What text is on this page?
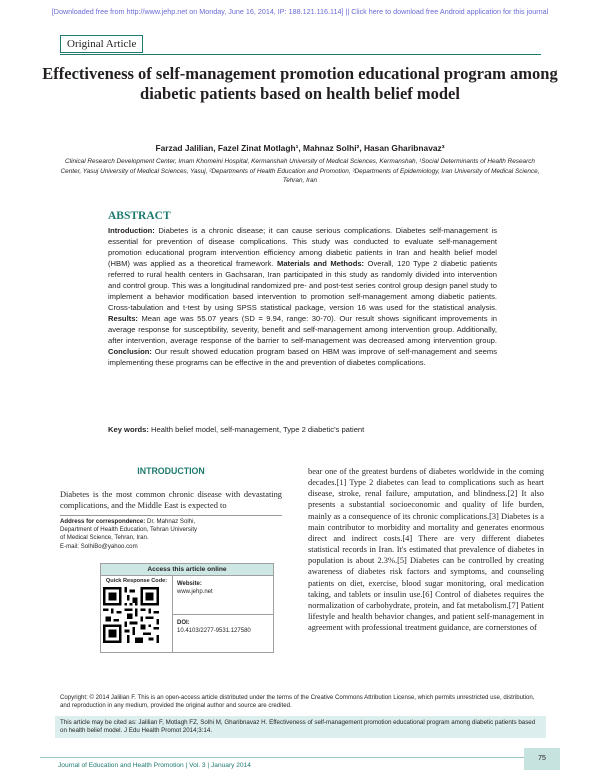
[Downloaded free from http://www.jehp.net on Monday, June 16, 2014, IP: 188.121.116.114] || Click here to download free Android application for this journal
Original Article
Effectiveness of self-management promotion educational program among diabetic patients based on health belief model
Farzad Jalilian, Fazel Zinat Motlagh¹, Mahnaz Solhi², Hasan Gharibnavaz³
Clinical Research Development Center, Imam Khomeini Hospital, Kermanshah University of Medical Sciences, Kermanshah, ¹Social Determinants of Health Research Center, Yasuj University of Medical Sciences, Yasuj, ²Departments of Health Education and Promotion, ³Departments of Epidemiology, Iran University of Medical Science, Tehran, Iran
ABSTRACT
Introduction: Diabetes is a chronic disease; it can cause serious complications. Diabetes self-management is essential for prevention of disease complications. This study was conducted to evaluate self-management promotion educational program intervention efficiency among diabetic patients in Iran and health belief model (HBM) was applied as a theoretical framework. Materials and Methods: Overall, 120 Type 2 diabetic patients referred to rural health centers in Gachsaran, Iran participated in this study as randomly divided into intervention and control group. This was a longitudinal randomized pre- and post-test series control group design panel study to implement a behavior modification based intervention to promotion self-management among diabetic patients. Cross-tabulation and t-test by using SPSS statistical package, version 16 was used for the statistical analysis. Results: Mean age was 55.07 years (SD = 9.94, range: 30-70). Our result shows significant improvements in average response for susceptibility, severity, benefit and self-management among intervention group. Additionally, after intervention, average response of the barrier to self-management was decreased among intervention group. Conclusion: Our result showed education program based on HBM was improve of self-management and seems implementing these programs can be effective in the and prevention of diabetes complications.
Key words: Health belief model, self-management, Type 2 diabetic's patient
INTRODUCTION

Diabetes is the most common chronic disease with devastating complications, and the Middle East is expected to

Address for correspondence: Dr. Mahnaz Solhi,
Department of Health Education, Tehran University
of Medical Science, Tehran, Iran.
E-mail: SolhiBo@yahoo.com
Access this article online
Quick Response Code:	Website:
www.jehp.net
DOI:
10.4103/2277-9531.127580

bear one of the greatest burdens of diabetes worldwide in the coming decades.[1] Type 2 diabetes can lead to complications such as heart disease, stroke, renal failure, amputation, and blindness.[2] It also presents a substantial socioeconomic and quality of life burden, mainly as a consequence of its chronic complications.[3] Diabetes is a main contributor to morbidity and mortality and generates enormous direct and indirect costs.[4] There are very different diabetes statistical records in Iran. It's estimated that prevalence of diabetes in population is about 2.3%.[5] Diabetes can be controlled by creating awareness of diabetes risk factors and symptoms, and counseling patients on diet, exercise, blood sugar monitoring, oral medication taking, and tablets or insulin use.[6] Control of diabetes requires the normalization of carbohydrate, protein, and fat metabolism.[7] Patient lifestyle and health behavior changes, and patient self-management in agreement with professional treatment guidance, are cornerstones of

Copyright: © 2014 Jalilian F. This is an open-access article distributed under the terms of the Creative Commons Attribution License, which permits unrestricted use, distribution, and reproduction in any medium, provided the original author and source are credited.

This article may be cited as: Jalilian F, Motlagh FZ, Solhi M, Gharibnavaz H. Effectiveness of self-management promotion educational program among diabetic patients based on health belief model. J Edu Health Promot 2014;3:14.
Journal of Education and Health Promotion | Vol. 3 | January 2014
75
